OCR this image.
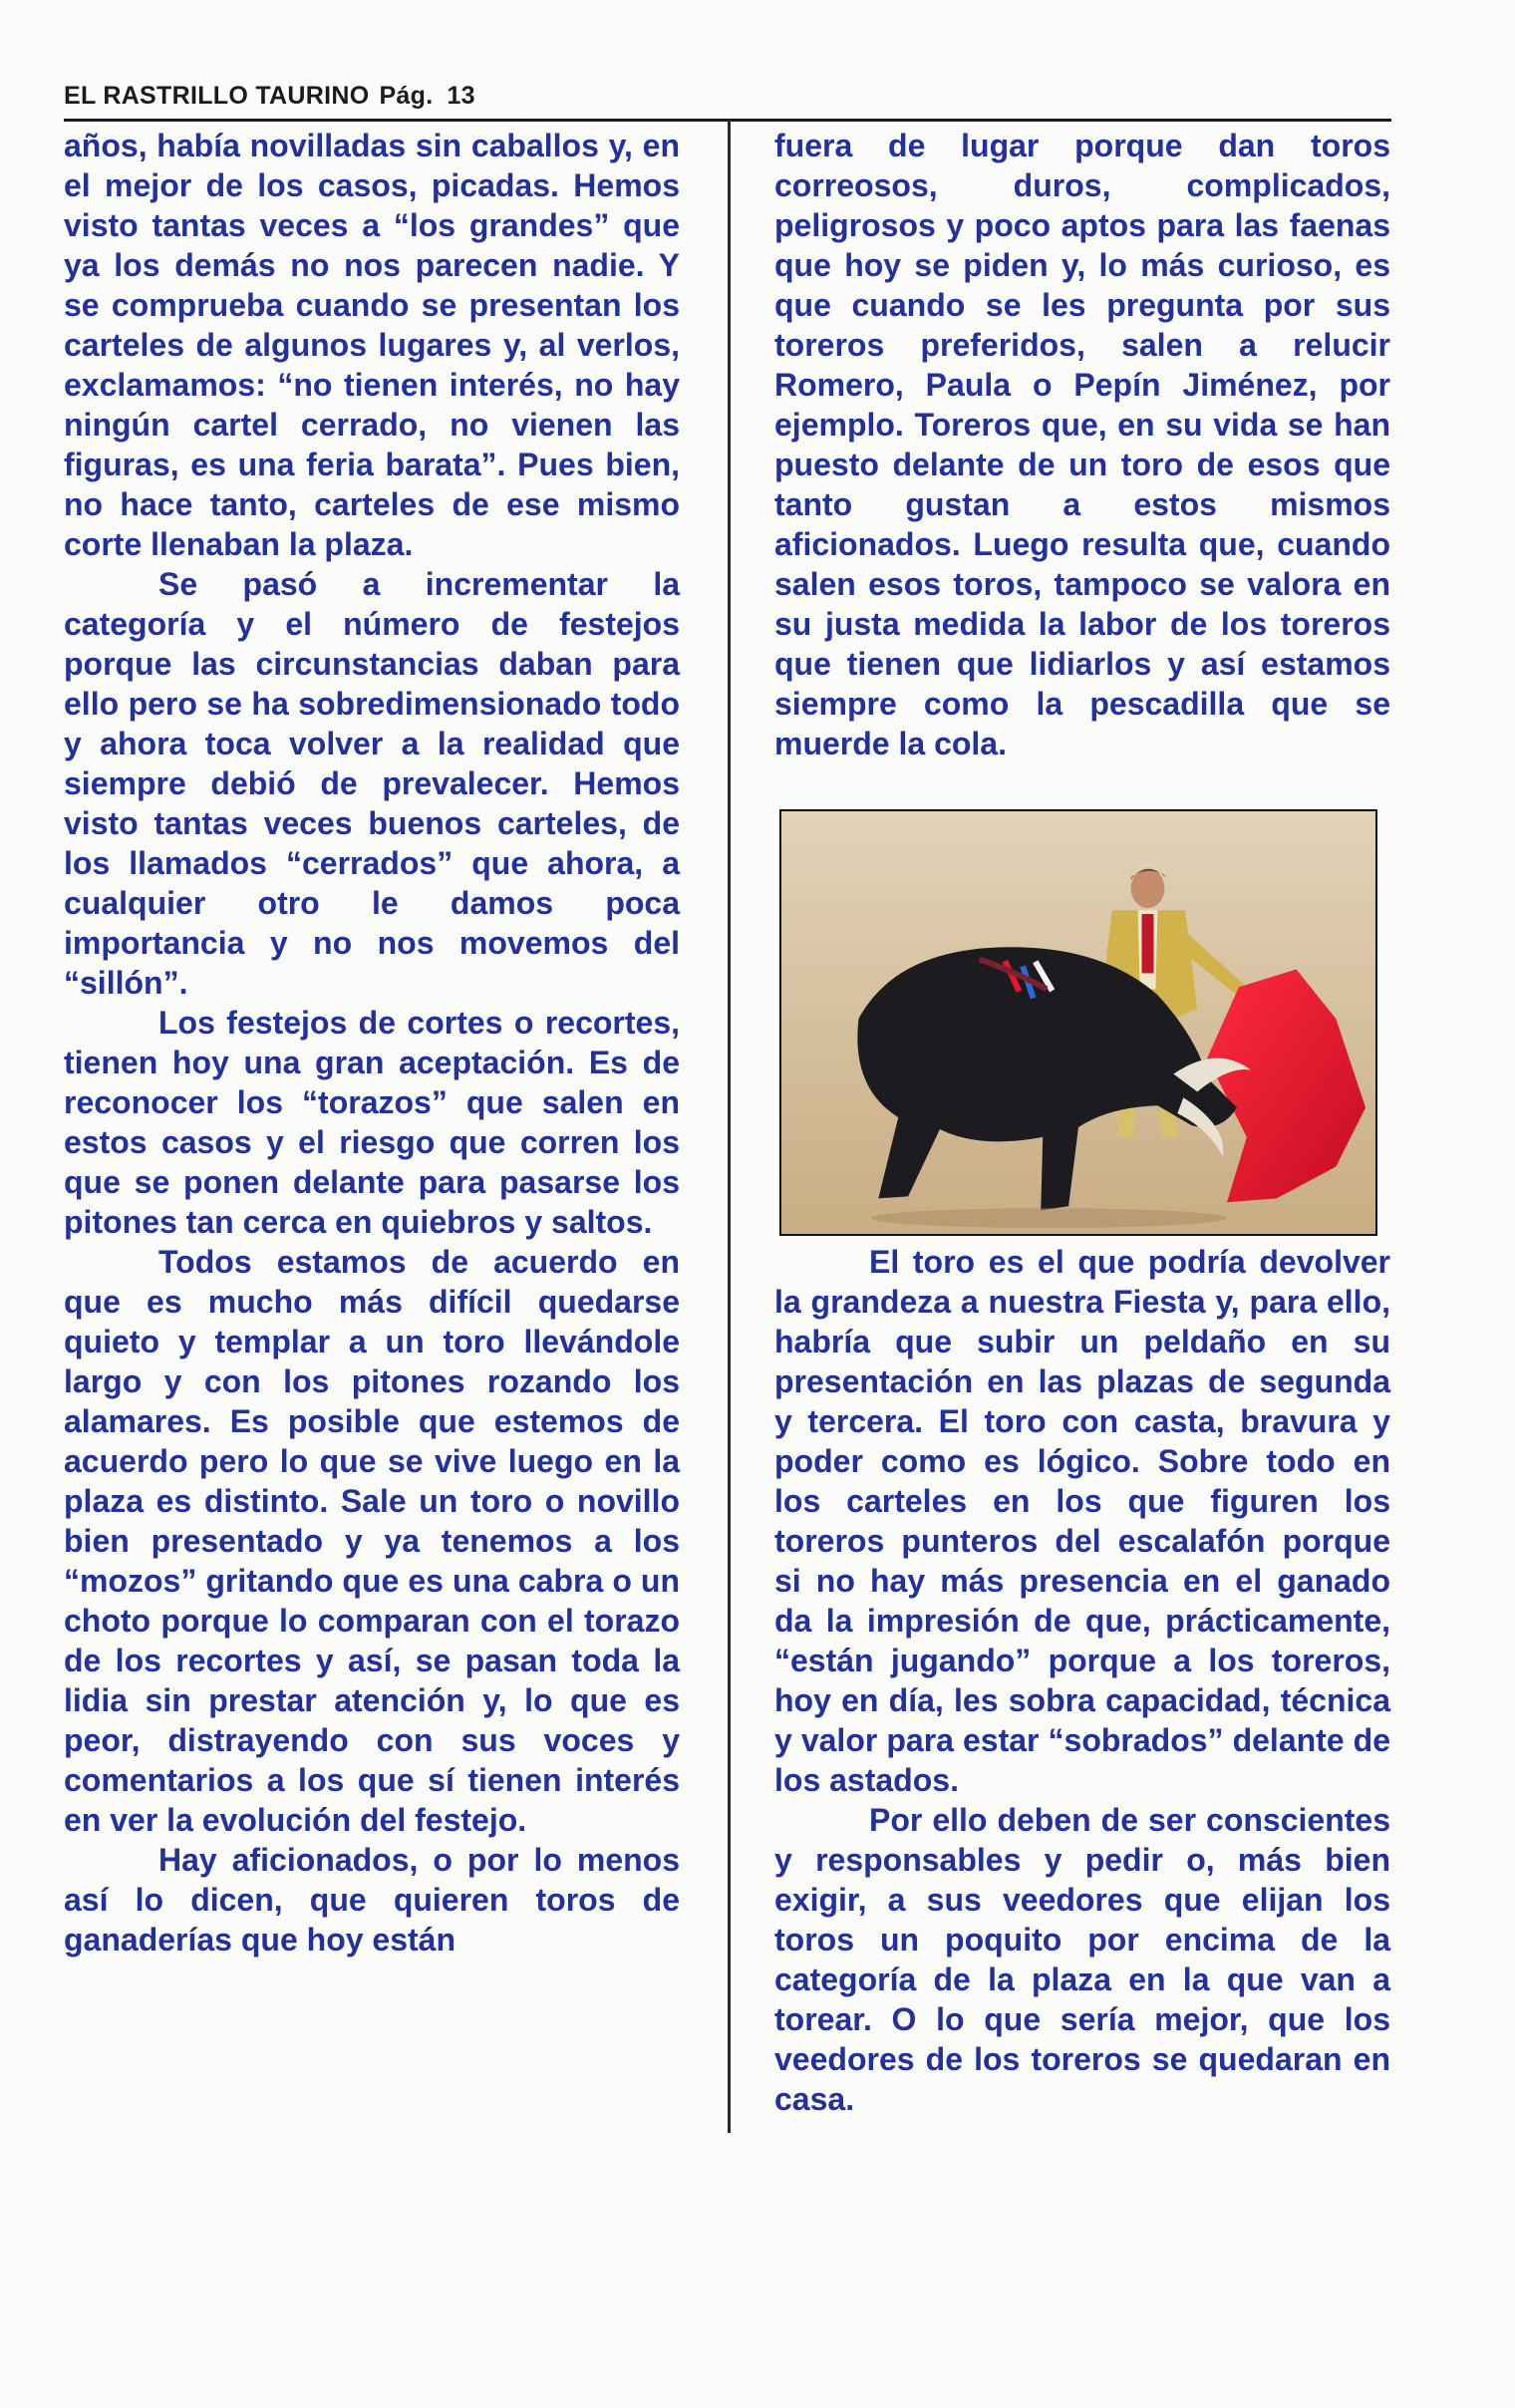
EL RASTRILLO TAURINO Pág. 13

años, había novilladas sin caballos y, en el mejor de los casos, picadas. Hemos visto tantas veces a “los grandes” que ya los demás no nos parecen nadie. Y se comprueba cuando se presentan los carteles de algunos lugares y, al verlos, exclamamos: “no tienen interés, no hay ningún cartel cerrado, no vienen las figuras, es una feria barata”. Pues bien, no hace tanto, carteles de ese mismo corte llenaban la plaza.

Se pasó a incrementar la categoría y el número de festejos porque las circunstancias daban para ello pero se ha sobredimensionado todo y ahora toca volver a la realidad que siempre debió de prevalecer. Hemos visto tantas veces buenos carteles, de los llamados “cerrados” que ahora, a cualquier otro le damos poca importancia y no nos movemos del “sillón”.

Los festejos de cortes o recortes, tienen hoy una gran aceptación. Es de reconocer los “torazos” que salen en estos casos y el riesgo que corren los que se ponen delante para pasarse los pitones tan cerca en quiebros y saltos.

Todos estamos de acuerdo en que es mucho más difícil quedarse quieto y templar a un toro llevándole largo y con los pitones rozando los alamares. Es posible que estemos de acuerdo pero lo que se vive luego en la plaza es distinto. Sale un toro o novillo bien presentado y ya tenemos a los “mozos” gritando que es una cabra o un choto porque lo comparan con el torazo de los recortes y así, se pasan toda la lidia sin prestar atención y, lo que es peor, distrayendo con sus voces y comentarios a los que sí tienen interés en ver la evolución del festejo.

Hay aficionados, o por lo menos así lo dicen, que quieren toros de ganaderías que hoy están

fuera de lugar porque dan toros correosos, duros, complicados, peligrosos y poco aptos para las faenas que hoy se piden y, lo más curioso, es que cuando se les pregunta por sus toreros preferidos, salen a relucir Romero, Paula o Pepín Jiménez, por ejemplo. Toreros que, en su vida se han puesto delante de un toro de esos que tanto gustan a estos mismos aficionados. Luego resulta que, cuando salen esos toros, tampoco se valora en su justa medida la labor de los toreros que tienen que lidiarlos y así estamos siempre como la pescadilla que se muerde la cola.

El toro es el que podría devolver la grandeza a nuestra Fiesta y, para ello, habría que subir un peldaño en su presentación en las plazas de segunda y tercera. El toro con casta, bravura y poder como es lógico. Sobre todo en los carteles en los que figuren los toreros punteros del escalafón porque si no hay más presencia en el ganado da la impresión de que, prácticamente, “están jugando” porque a los toreros, hoy en día, les sobra capacidad, técnica y valor para estar “sobrados” delante de los astados.

Por ello deben de ser conscientes y responsables y pedir o, más bien exigir, a sus veedores que elijan los toros un poquito por encima de la categoría de la plaza en la que van a torear. O lo que sería mejor, que los veedores de los toreros se quedaran en casa.
